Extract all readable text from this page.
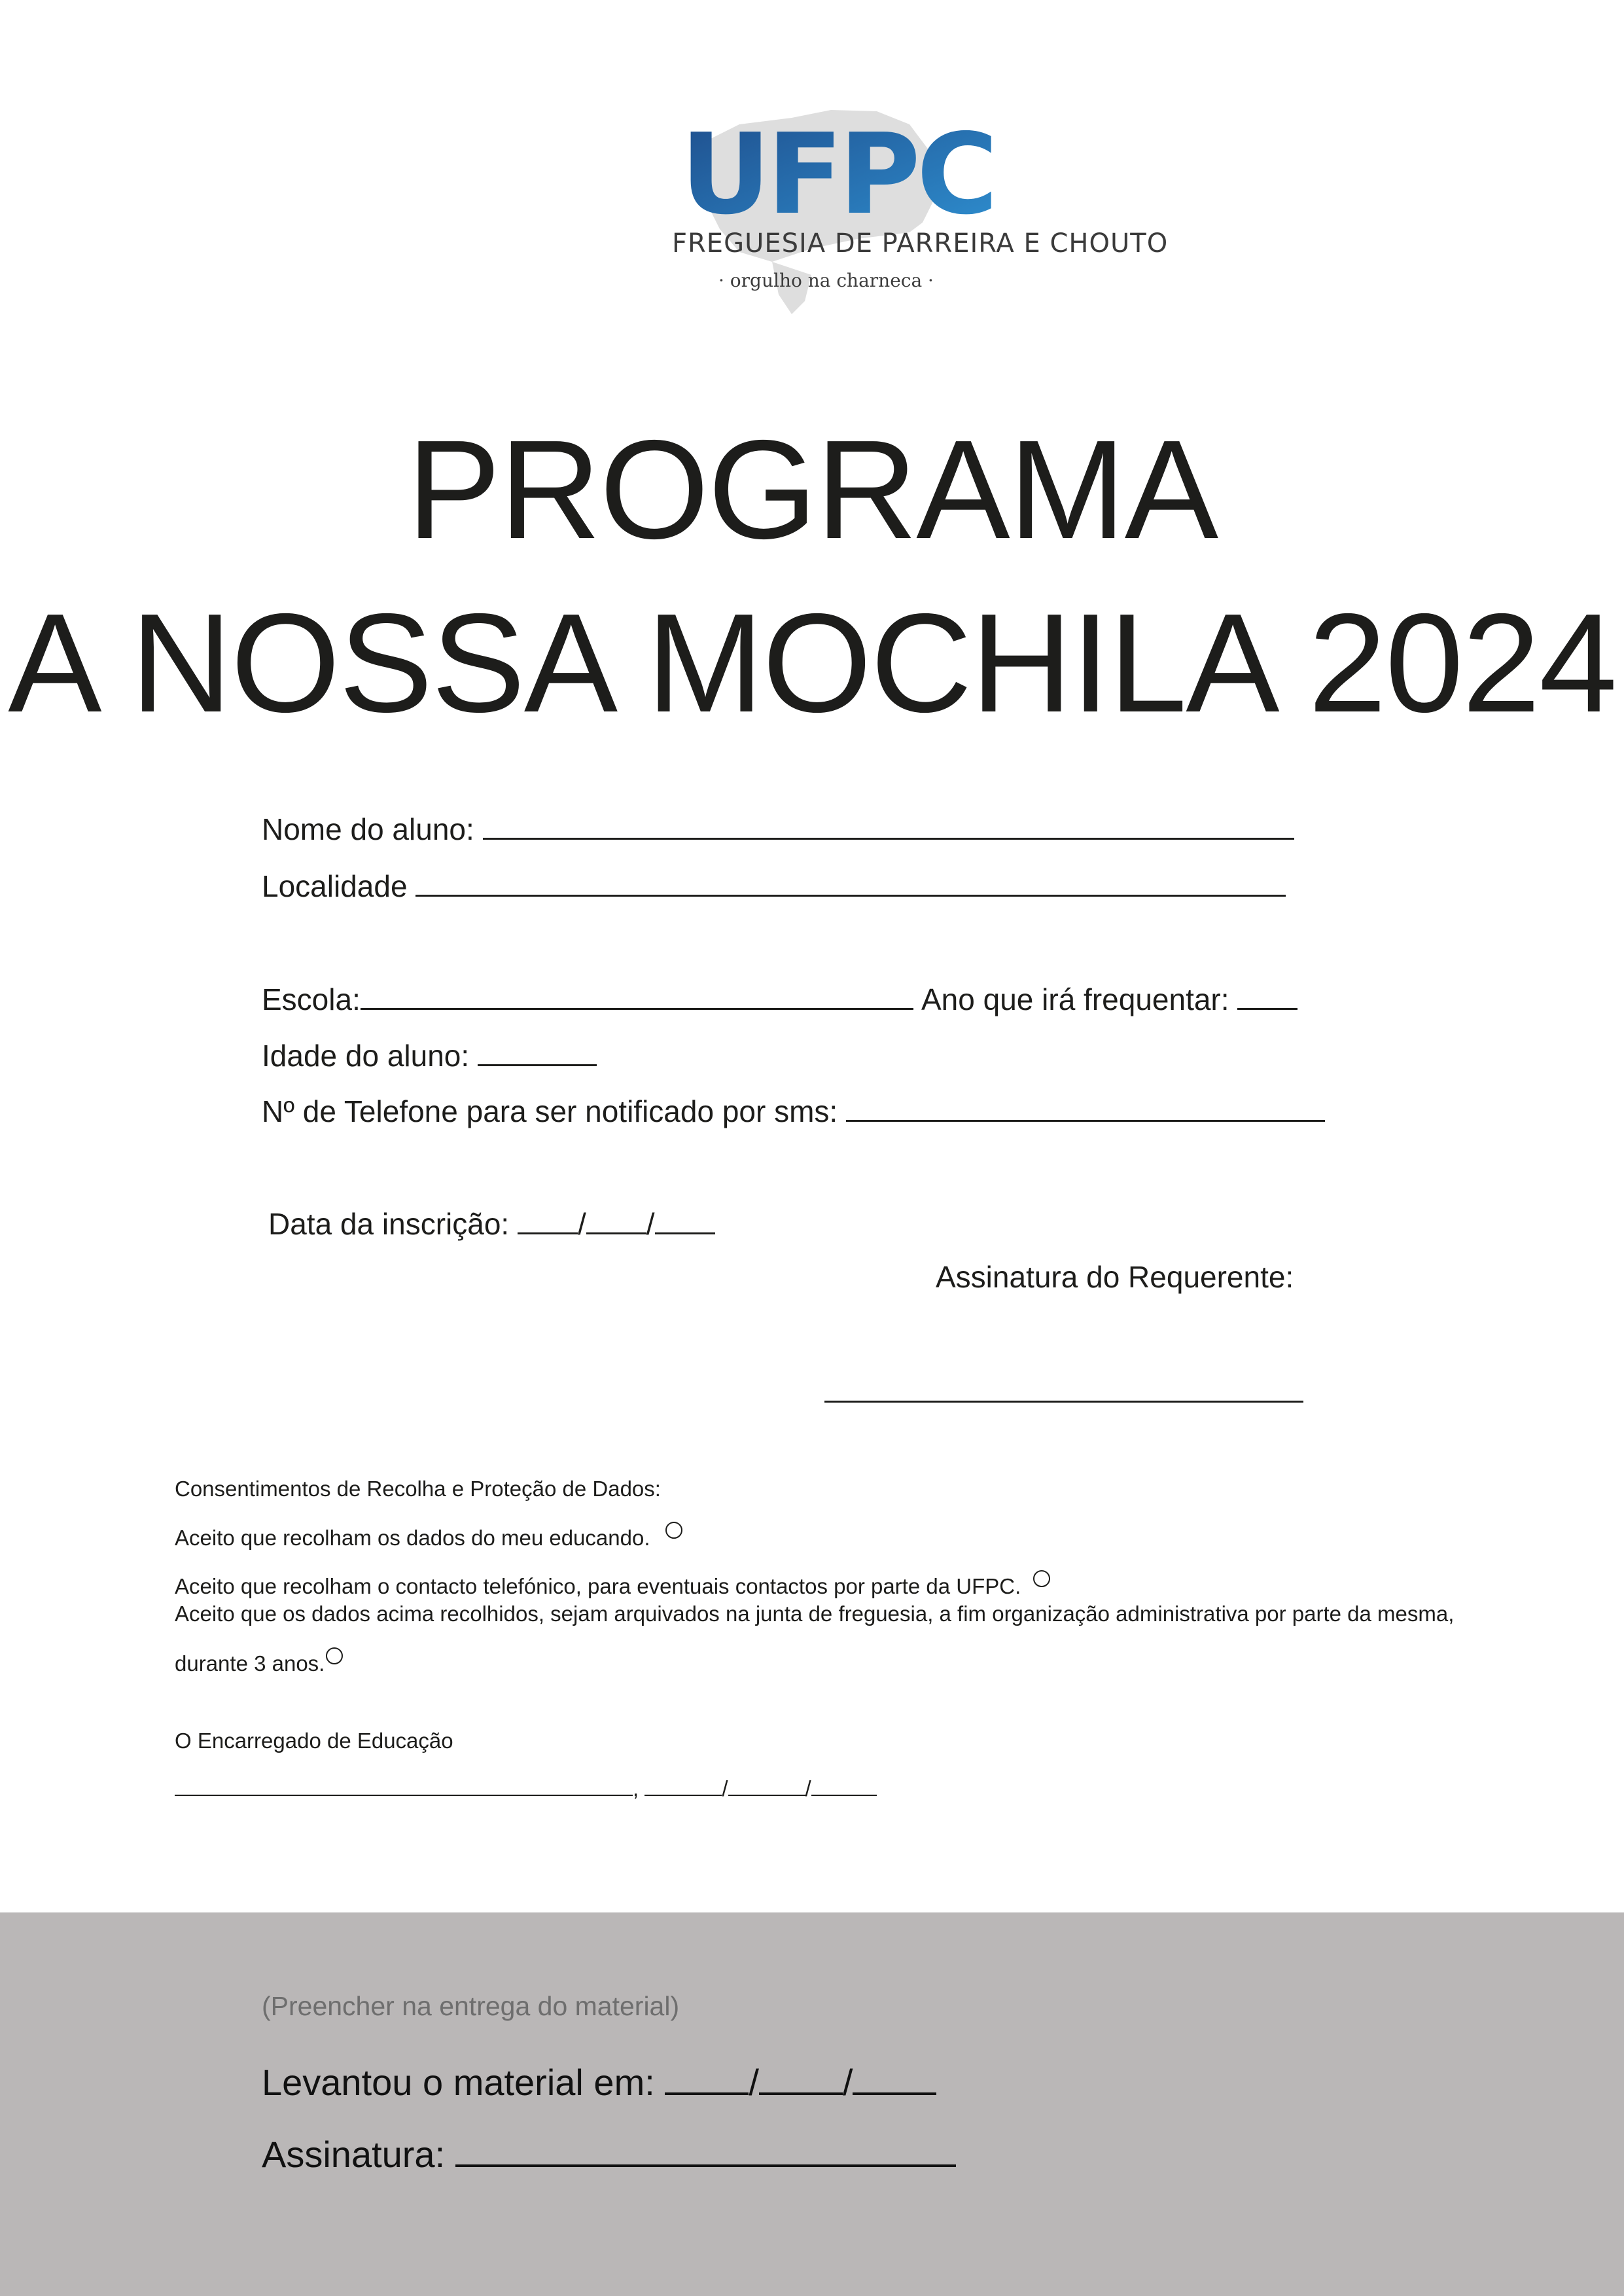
UFPC
FREGUESIA DE PARREIRA E CHOUTO
· orgulho na charneca ·
PROGRAMA
A NOSSA MOCHILA 2024
Nome do aluno:
Localidade
Escola:	Ano que irá frequentar:
Idade do aluno:
Nº de Telefone para ser notificado por sms:
Data da inscrição: / /
Assinatura do Requerente:
Consentimentos de Recolha e Proteção de Dados:
Aceito que recolham os dados do meu educando.
Aceito que recolham o contacto telefónico, para eventuais contactos por parte da UFPC.
Aceito que os dados acima recolhidos, sejam arquivados na junta de freguesia, a fim organização administrativa por parte da mesma,
durante 3 anos.
O Encarregado de Educação
,	/	/
(Preencher na entrega do material)
Levantou o material em:	/ /
Assinatura:
